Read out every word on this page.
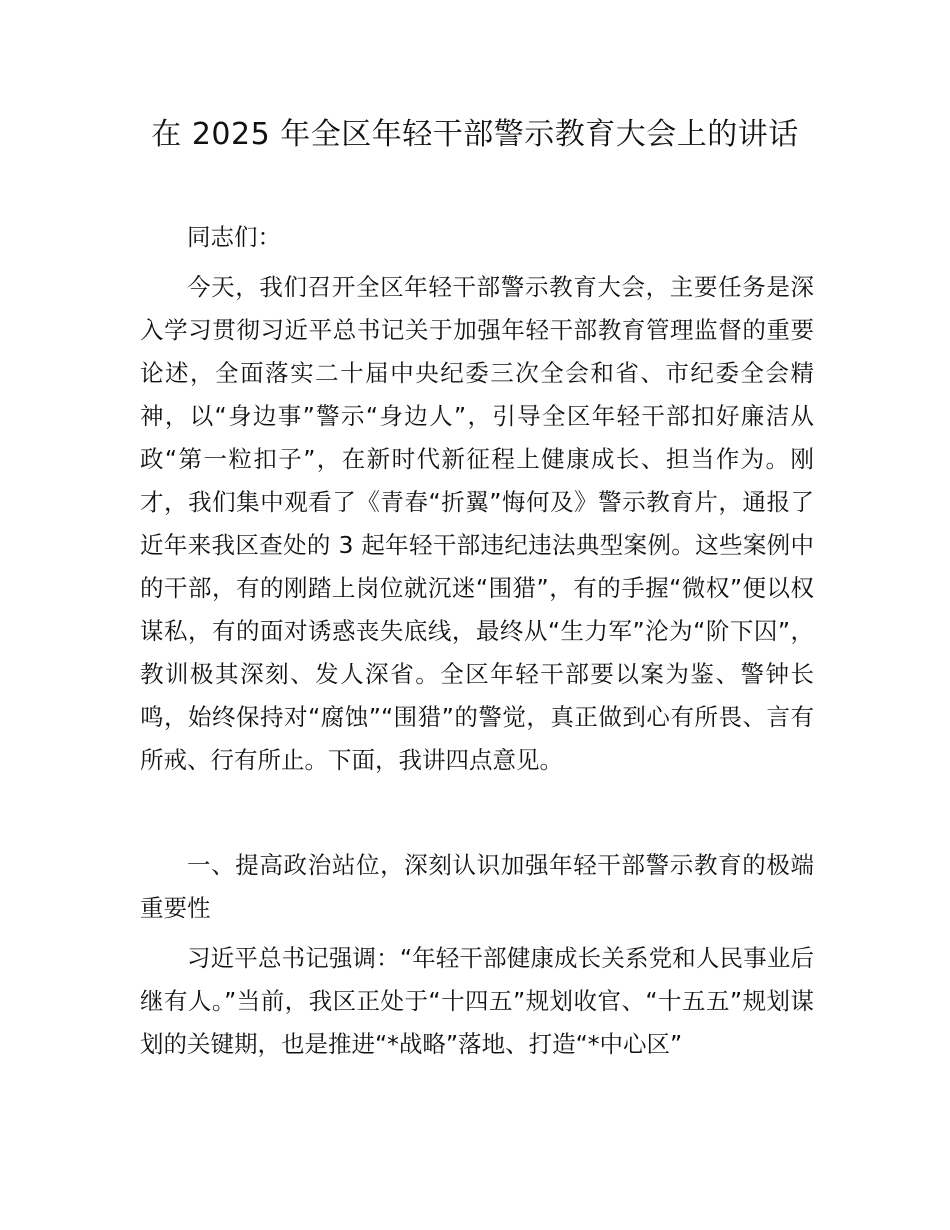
在 2025 年全区年轻干部警示教育大会上的讲话

同志们：

今天，我们召开全区年轻干部警示教育大会，主要任务是深入学习贯彻习近平总书记关于加强年轻干部教育管理监督的重要论述，全面落实二十届中央纪委三次全会和省、市纪委全会精神，以“身边事”警示“身边人”，引导全区年轻干部扣好廉洁从政“第一粒扣子”，在新时代新征程上健康成长、担当作为。刚才，我们集中观看了《青春“折翼”悔何及》警示教育片，通报了近年来我区查处的 3 起年轻干部违纪违法典型案例。这些案例中的干部，有的刚踏上岗位就沉迷“围猎”，有的手握“微权”便以权谋私，有的面对诱惑丧失底线，最终从“生力军”沦为“阶下囚”，教训极其深刻、发人深省。全区年轻干部要以案为鉴、警钟长鸣，始终保持对“腐蚀”“围猎”的警觉，真正做到心有所畏、言有所戒、行有所止。下面，我讲四点意见。

一、提高政治站位，深刻认识加强年轻干部警示教育的极端重要性

习近平总书记强调：“年轻干部健康成长关系党和人民事业后继有人。”当前，我区正处于“十四五”规划收官、“十五五”规划谋划的关键期，也是推进“*战略”落地、打造“*中心区”
